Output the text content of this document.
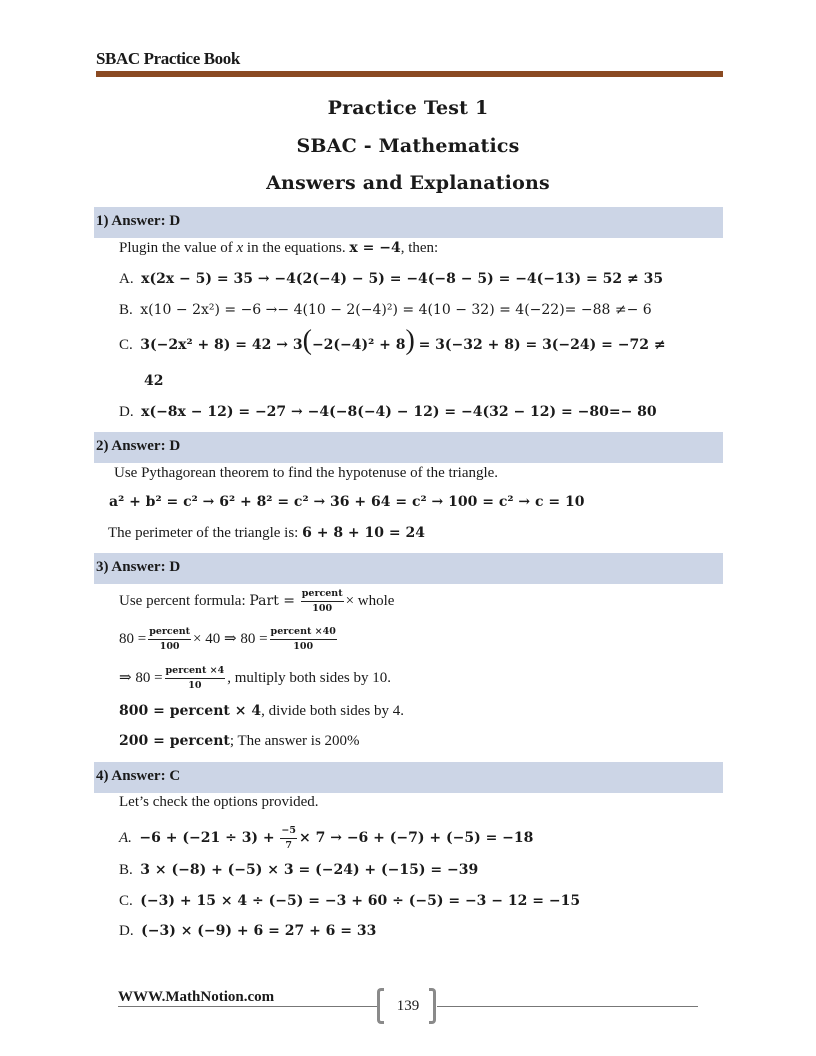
SBAC Practice Book
Practice Test 1
SBAC - Mathematics
Answers and Explanations
1) Answer: D
Plugin the value of x in the equations. x = −4, then:
A. x(2x − 5) = 35 → −4(2(−4) − 5) = −4(−8 − 5) = −4(−13) = 52 ≠ 35
B. x(10 − 2x²) = −6 →− 4(10 − 2(−4)²) = 4(10 − 32) = 4(−22)= −88 ≠− 6
C. 3(−2x² + 8) = 42 → 3(−2(−4)² + 8) = 3(−32 + 8) = 3(−24) = −72 ≠
42
D. x(−8x − 12) = −27 → −4(−8(−4) − 12) = −4(32 − 12) = −80=− 80
2) Answer: D
Use Pythagorean theorem to find the hypotenuse of the triangle.
a² + b² = c² → 6² + 8² = c² → 36 + 64 = c² → 100 = c² → c = 10
The perimeter of the triangle is: 6 + 8 + 10 = 24
3) Answer: D
Use percent formula: Part = $\frac{\text{percent}}{100}$ × whole
$80 = \frac{\text{percent}}{100} \times 40$ ⇒ $80 = \frac{\text{percent ×40}}{100}$
⇒ $80 = \frac{\text{percent ×4}}{10}$ , multiply both sides by 10.
800 = percent × 4, divide both sides by 4.
200 = percent; The answer is 200%
4) Answer: C
Let’s check the options provided.
A. $-6 + (-21 \div 3) + \frac{-5}{7} \times 7 \to -6 + (-7) + (-5) = -18$
B. 3 × (−8) + (−5) × 3 = (−24) + (−15) = −39
C. (−3) + 15 × 4 ÷ (−5) = −3 + 60 ÷ (−5) = −3 − 12 = −15
D. (−3) × (−9) + 6 = 27 + 6 = 33
WWW.MathNotion.com
139
